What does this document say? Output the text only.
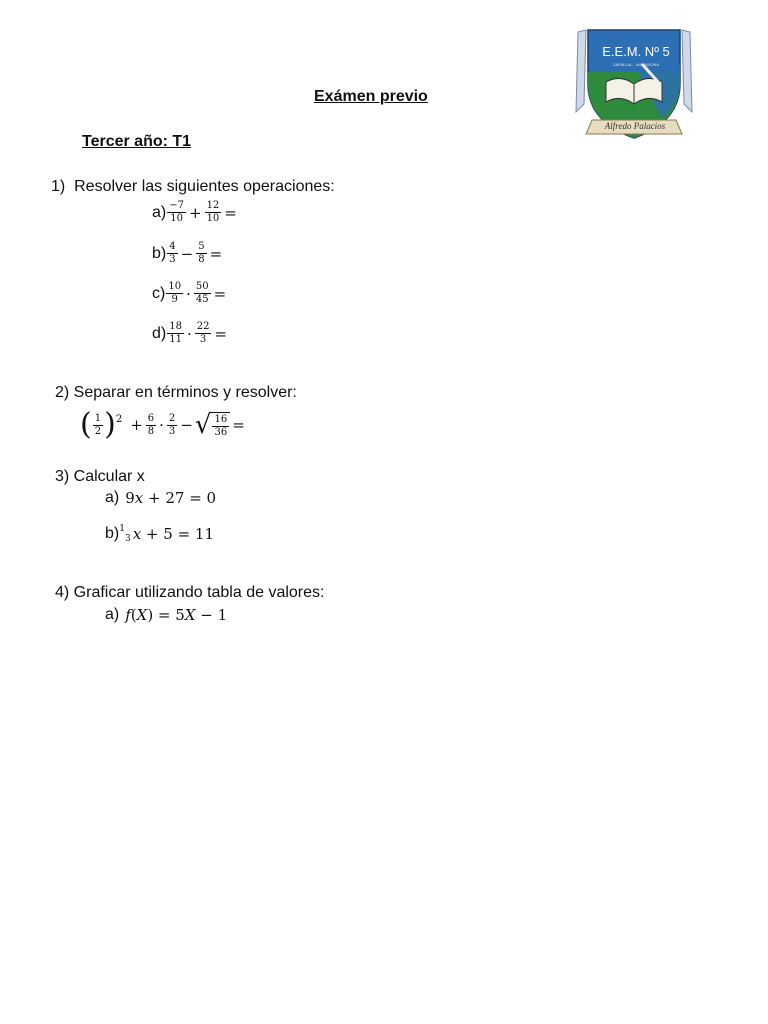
E.E.M. Nº 5
ZAPALLAL - MARADONA
Alfredo Palacios
Exámen previo
Tercer año: T1
1) Resolver las siguientes operaciones:
$a) \frac{-7}{10} + \frac{12}{10}$ =
$b) \frac{4}{3} - \frac{5}{8}$ =
$c) \frac{10}{9} \cdot \frac{50}{45}$ =
$d) \frac{18}{11} \cdot \frac{22}{3}$ =
2) Separar en términos y resolver:
( $\frac{1}{2}$ ) $2 + \frac{6}{8} \cdot \frac{2}{3}$ − √ $\frac{16}{36}$ =
3) Calcular x
a) 9𝑥 + 27 = 0
b) 1
3 𝑥 + 5 = 11
4) Graficar utilizando tabla de valores:
a) 𝑓(𝑋) = 5𝑋 − 1
